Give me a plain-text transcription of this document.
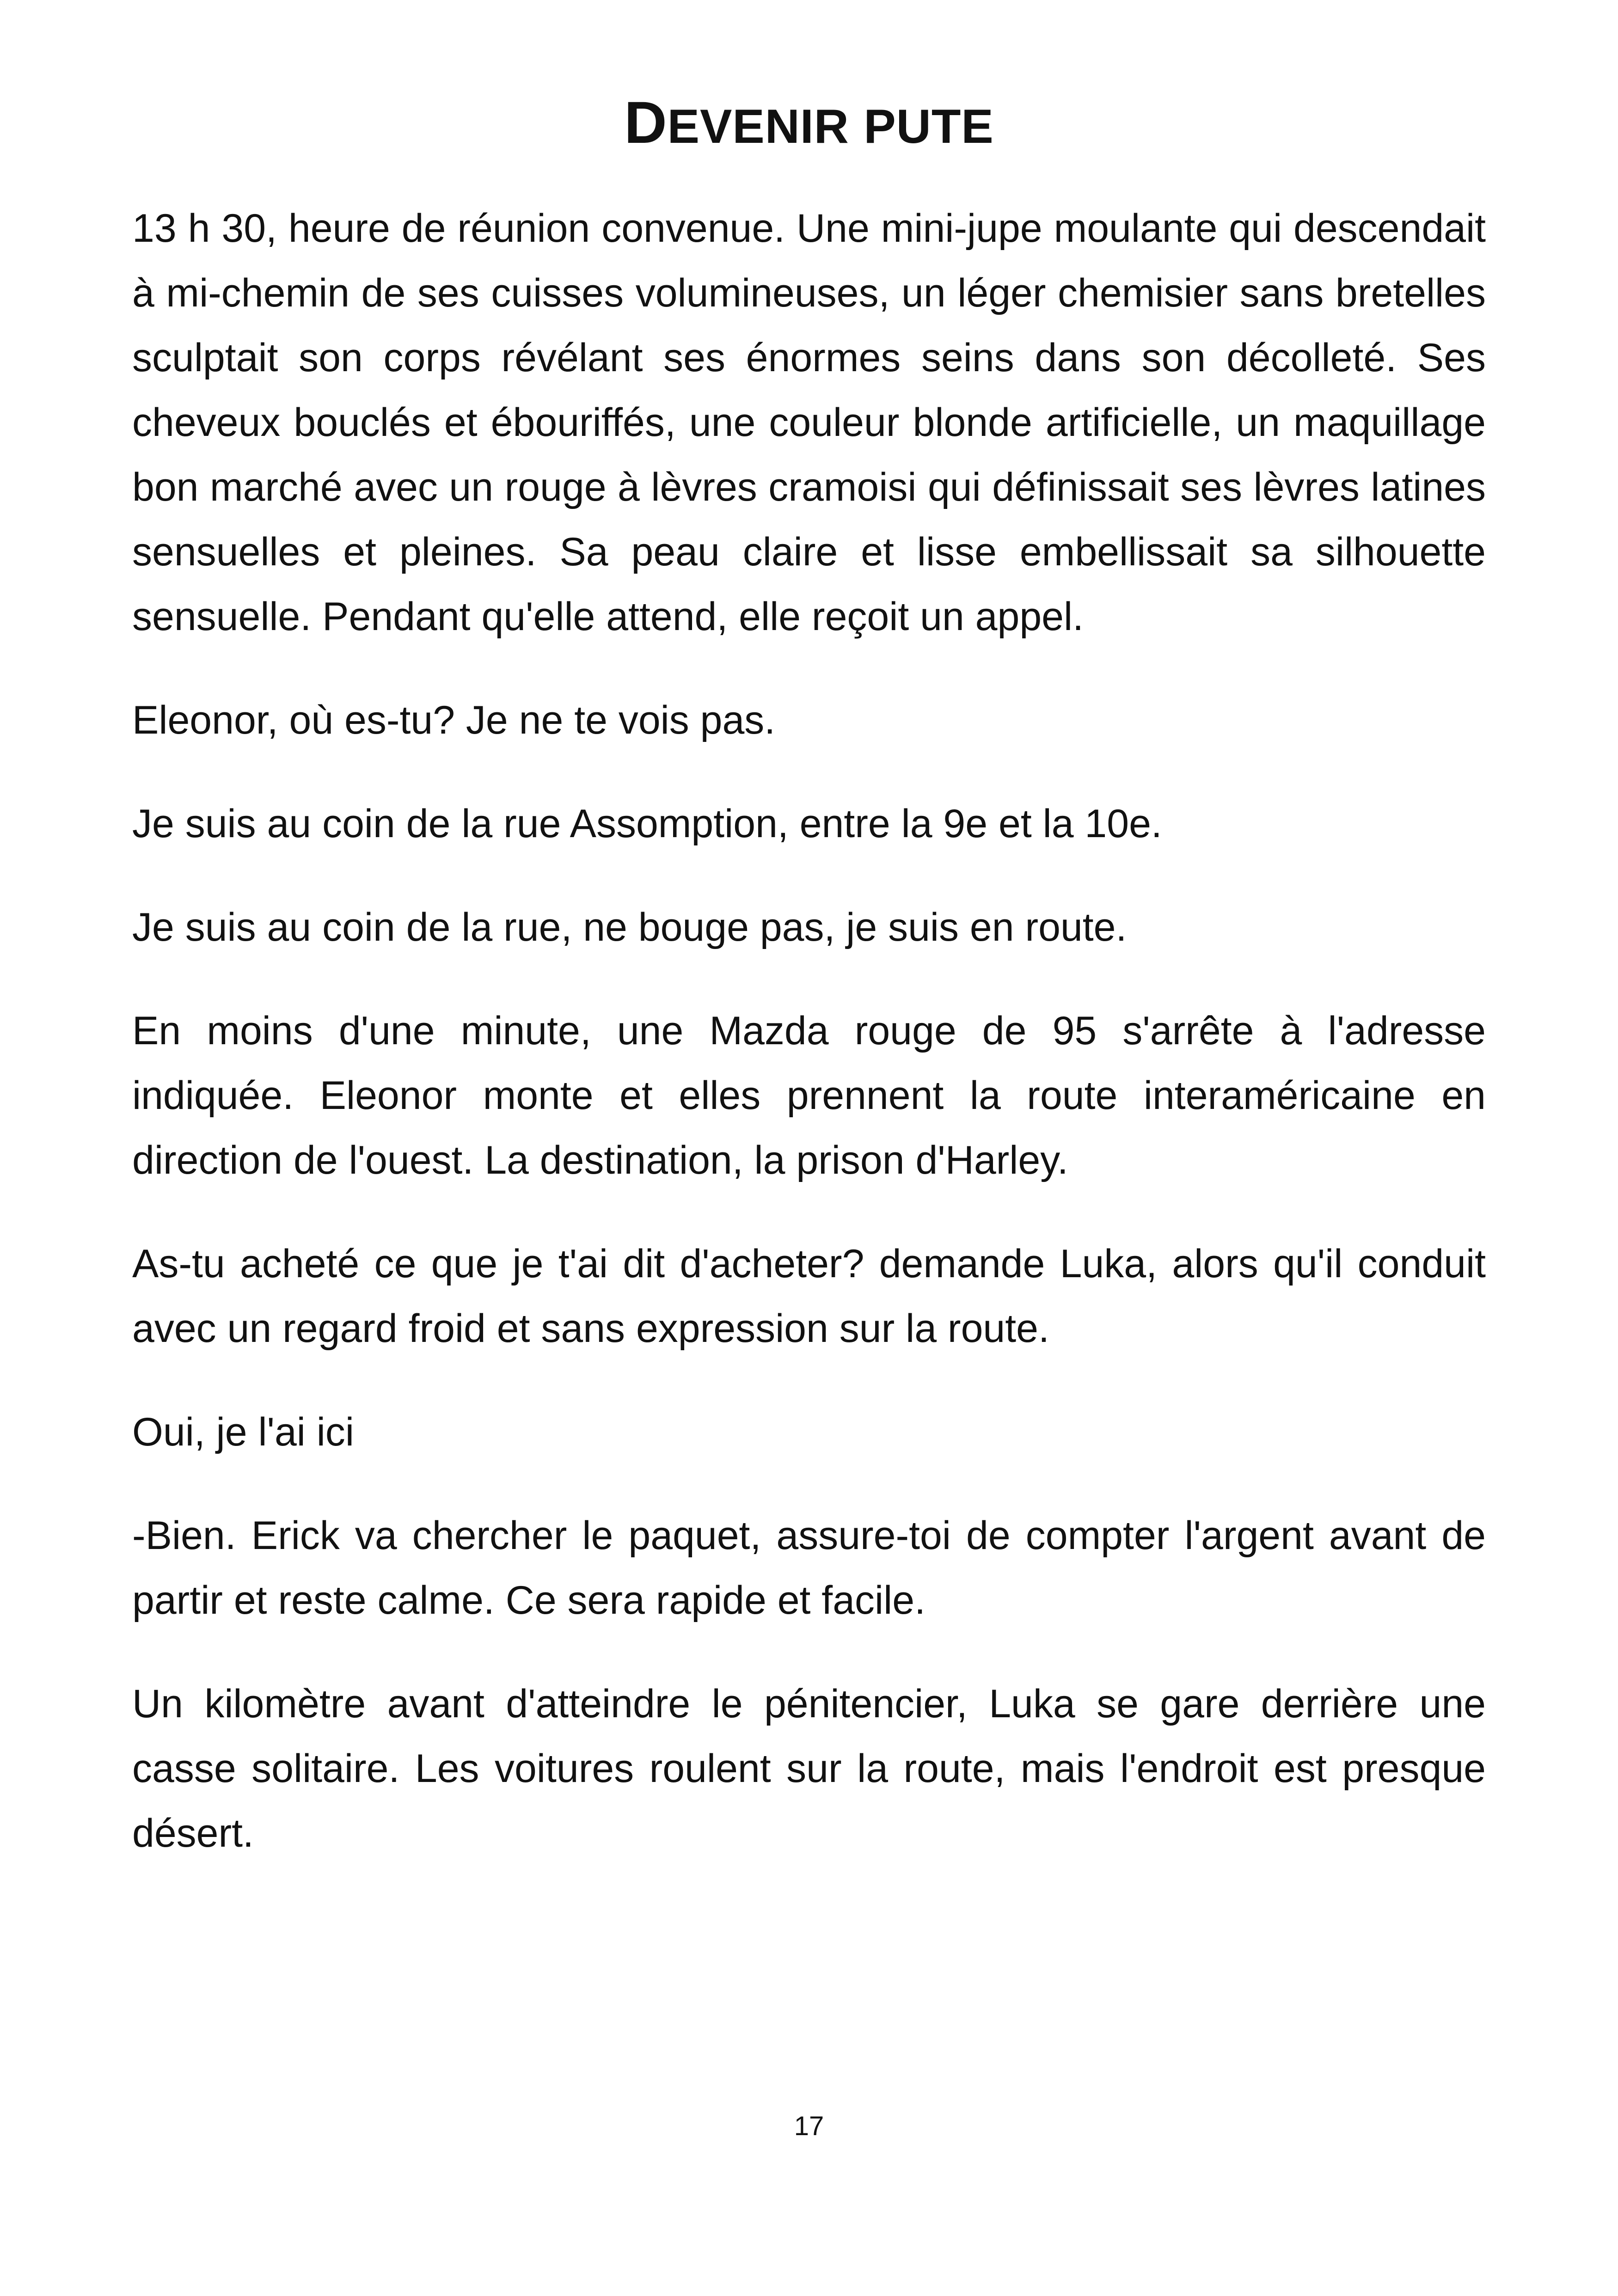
DEVENIR PUTE

13 h 30, heure de réunion convenue. Une mini-jupe moulante qui descendait à mi-chemin de ses cuisses volumineuses, un léger chemisier sans bretelles sculptait son corps révélant ses énormes seins dans son décolleté. Ses cheveux bouclés et ébouriffés, une couleur blonde artificielle, un maquillage bon marché avec un rouge à lèvres cramoisi qui définissait ses lèvres latines sensuelles et pleines. Sa peau claire et lisse embellissait sa silhouette sensuelle. Pendant qu'elle attend, elle reçoit un appel.

Eleonor, où es-tu? Je ne te vois pas.

Je suis au coin de la rue Assomption, entre la 9e et la 10e.

Je suis au coin de la rue, ne bouge pas, je suis en route.

En moins d'une minute, une Mazda rouge de 95 s'arrête à l'adresse indiquée. Eleonor monte et elles prennent la route interaméricaine en direction de l'ouest. La destination, la prison d'Harley.

As-tu acheté ce que je t'ai dit d'acheter? demande Luka, alors qu'il conduit avec un regard froid et sans expression sur la route.

Oui, je l'ai ici

-Bien. Erick va chercher le paquet, assure-toi de compter l'argent avant de partir et reste calme. Ce sera rapide et facile.

Un kilomètre avant d'atteindre le pénitencier, Luka se gare derrière une casse solitaire. Les voitures roulent sur la route, mais l'endroit est presque désert.

17
